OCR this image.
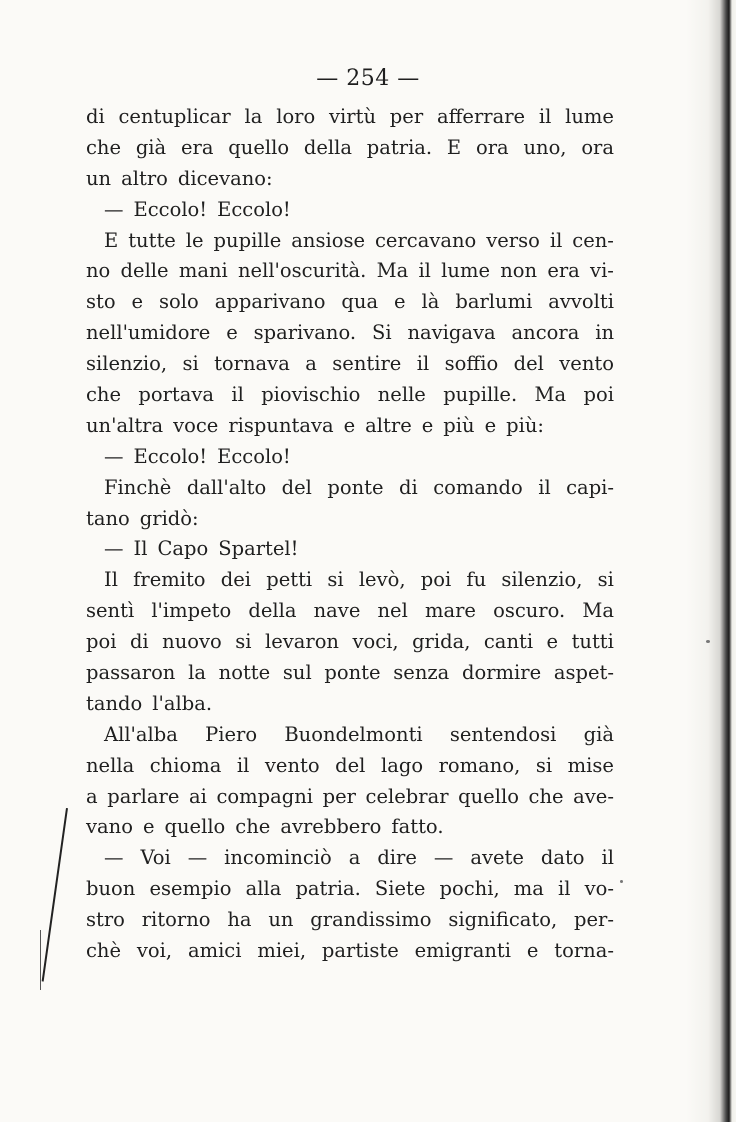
— 254 —
di centuplicar la loro virtù per afferrare il lume
che già era quello della patria. E ora uno, ora
un altro dicevano:
— Eccolo! Eccolo!
E tutte le pupille ansiose cercavano verso il cen-
no delle mani nell'oscurità. Ma il lume non era vi-
sto e solo apparivano qua e là barlumi avvolti
nell'umidore e sparivano. Si navigava ancora in
silenzio, si tornava a sentire il soffio del vento
che portava il piovischio nelle pupille. Ma poi
un'altra voce rispuntava e altre e più e più:
— Eccolo! Eccolo!
Finchè dall'alto del ponte di comando il capi-
tano gridò:
— Il Capo Spartel!
Il fremito dei petti si levò, poi fu silenzio, si
sentì l'impeto della nave nel mare oscuro. Ma
poi di nuovo si levaron voci, grida, canti e tutti
passaron la notte sul ponte senza dormire aspet-
tando l'alba.
All'alba Piero Buondelmonti sentendosi già
nella chioma il vento del lago romano, si mise
a parlare ai compagni per celebrar quello che ave-
vano e quello che avrebbero fatto.
— Voi — incominciò a dire — avete dato il
buon esempio alla patria. Siete pochi, ma il vo-
stro ritorno ha un grandissimo significato, per-
chè voi, amici miei, partiste emigranti e torna-
